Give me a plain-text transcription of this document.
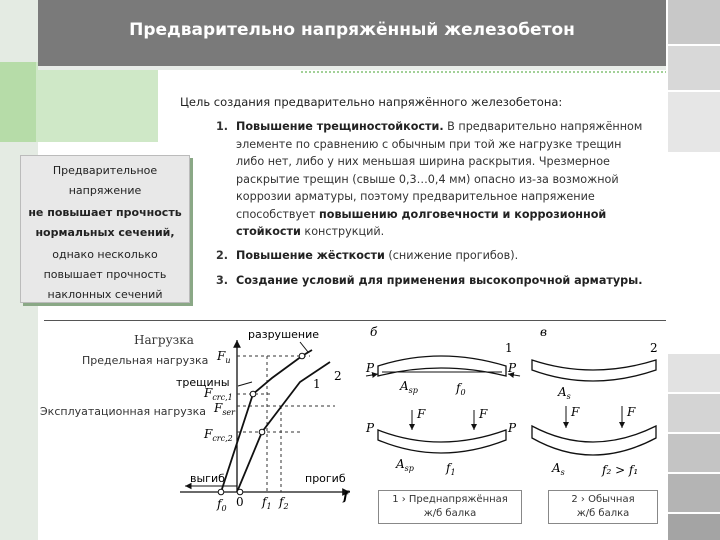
Предварительно напряжённый железобетон
Цель создания предварительно напряжённого железобетона:
1. Повышение трещиностойкости. В предварительно напряжённом
элементе по сравнению с обычным при той же нагрузке трещин
либо нет, либо у них меньшая ширина раскрытия. Чрезмерное
раскрытие трещин (свыше 0,3…0,4 мм) опасно из-за возможной
коррозии арматуры, поэтому предварительное напряжение
способствует повышению долговечности и коррозионной
стойкости конструкций.
2. Повышение жёсткости (снижение прогибов).
3. Создание условий для применения высокопрочной арматуры.
Предварительное
напряжение
не повышает прочность
нормальных сечений,
однако несколько
повышает прочность
наклонных сечений
разрушение
трещины
выгиб	прогиб
$F_u$
$F_{ser}$
$F_{crc,1}$
$F_{crc,2}$
$f_0$ 0 $f_1$ $f_2$
f
1
2
б
P	P
1
$A_{sp}$	$f_0$
F	F
P	P
$A_{sp}$	$f_1$
в
2
$A_s$
F	F
$A_s$	f₂ > f₁
Нагрузка
Предельная нагрузка
Эксплуатационная нагрузка
1 › Преднапряжённая
ж/б балка
2 › Обычная
ж/б балка
